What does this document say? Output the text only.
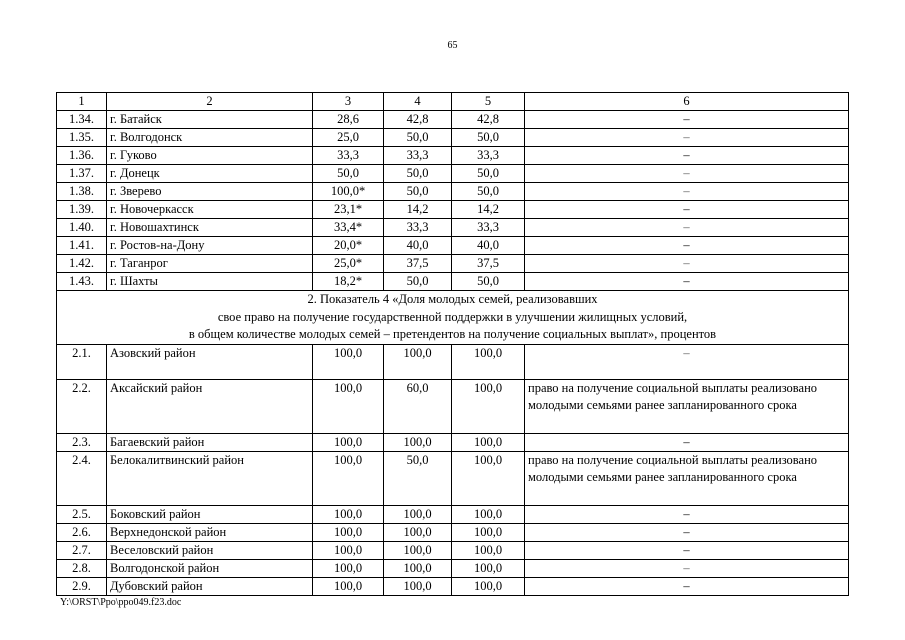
65
1	2	3	4	5	6
1.34.	г. Батайск	28,6	42,8	42,8	–
1.35.	г. Волгодонск	25,0	50,0	50,0	–
1.36.	г. Гуково	33,3	33,3	33,3	–
1.37.	г. Донецк	50,0	50,0	50,0	–
1.38.	г. Зверево	100,0*	50,0	50,0	–
1.39.	г. Новочеркасск	23,1*	14,2	14,2	–
1.40.	г. Новошахтинск	33,4*	33,3	33,3	–
1.41.	г. Ростов-на-Дону	20,0*	40,0	40,0	–
1.42.	г. Таганрог	25,0*	37,5	37,5	–
1.43.	г. Шахты	18,2*	50,0	50,0	–

2. Показатель 4 «Доля молодых семей, реализовавших
свое право на получение государственной поддержки в улучшении жилищных условий,
в общем количестве молодых семей – претендентов на получение социальных выплат», процентов					

2.1.	Азовский район	100,0	100,0	100,0	–
2.2.	Аксайский район	100,0	60,0	100,0	право на получение социальной выплаты реализовано молодыми семьями ранее запланированного срока
2.3.	Багаевский район	100,0	100,0	100,0	–
2.4.	Белокалитвинский район	100,0	50,0	100,0	право на получение социальной выплаты реализовано молодыми семьями ранее запланированного срока
2.5.	Боковский район	100,0	100,0	100,0	–
2.6.	Верхнедонской район	100,0	100,0	100,0	–
2.7.	Веселовский район	100,0	100,0	100,0	–
2.8.	Волгодонской район	100,0	100,0	100,0	–
2.9.	Дубовский район	100,0	100,0	100,0	–
Y:\ORST\Ppo\ppo049.f23.doc
